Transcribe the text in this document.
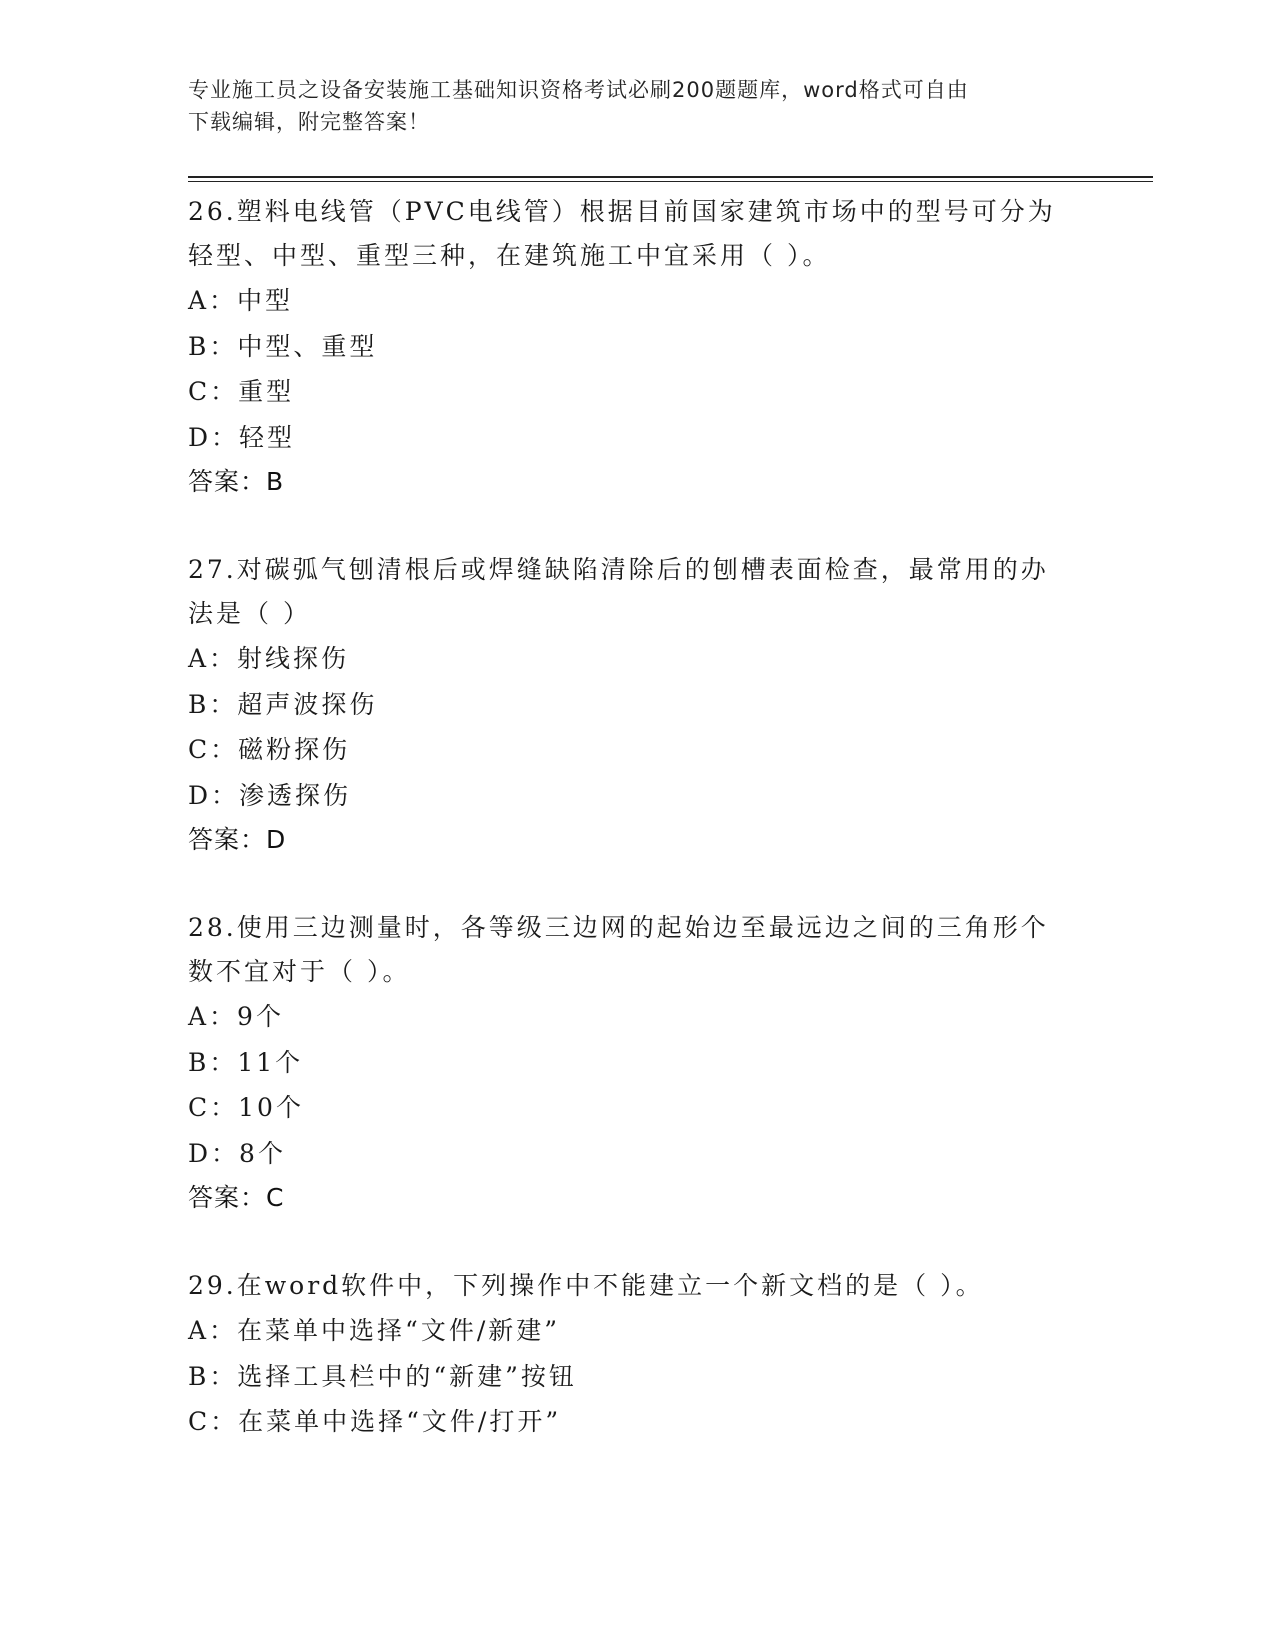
专业施工员之设备安装施工基础知识资格考试必刷200题题库，word格式可自由
下载编辑，附完整答案！
26.塑料电线管（PVC电线管）根据目前国家建筑市场中的型号可分为
轻型、中型、重型三种，在建筑施工中宜采用（ ）。
A：中型
B：中型、重型
C：重型
D：轻型
答案：B
27.对碳弧气刨清根后或焊缝缺陷清除后的刨槽表面检查，最常用的办
法是（ ）
A：射线探伤
B：超声波探伤
C：磁粉探伤
D：渗透探伤
答案：D
28.使用三边测量时，各等级三边网的起始边至最远边之间的三角形个
数不宜对于（ ）。
A：9个
B：11个
C：10个
D：8个
答案：C
29.在word软件中，下列操作中不能建立一个新文档的是（ ）。
A：在菜单中选择“文件/新建”
B：选择工具栏中的“新建”按钮
C：在菜单中选择“文件/打开”
